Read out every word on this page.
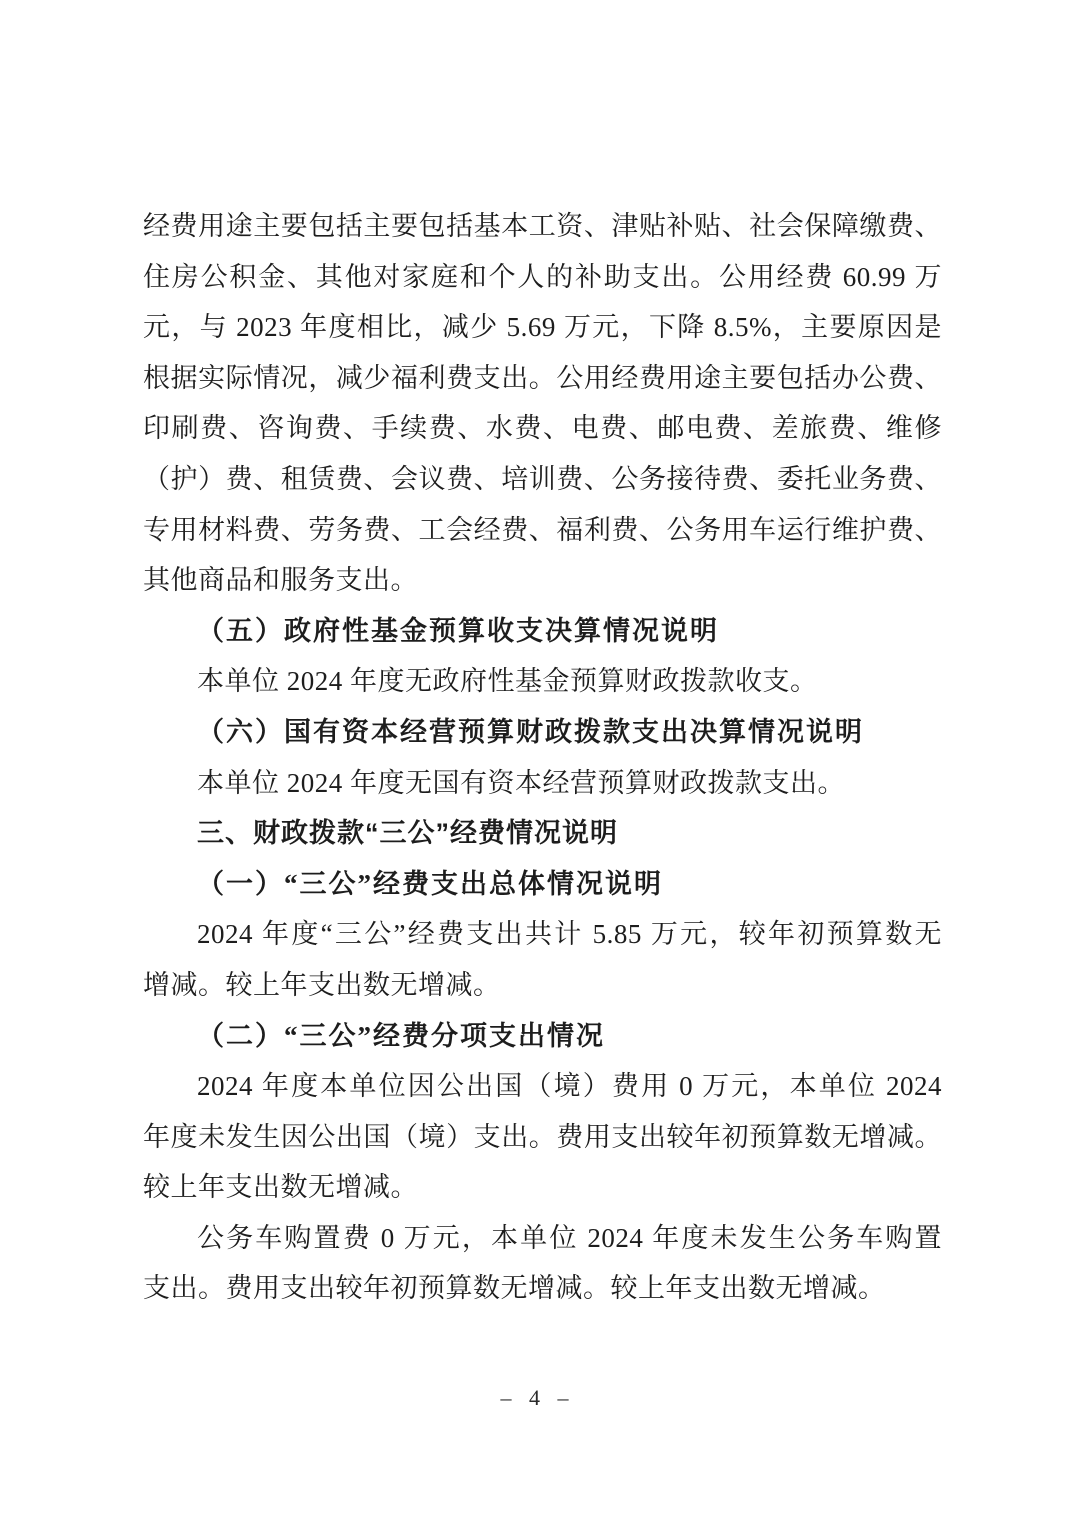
经费用途主要包括主要包括基本工资、津贴补贴、社会保障缴费、
住房公积金、其他对家庭和个人的补助支出。公用经费 60.99 万
元，与 2023 年度相比，减少 5.69 万元，下降 8.5%，主要原因是
根据实际情况，减少福利费支出。公用经费用途主要包括办公费、
印刷费、咨询费、手续费、水费、电费、邮电费、差旅费、维修
（护）费、租赁费、会议费、培训费、公务接待费、委托业务费、
专用材料费、劳务费、工会经费、福利费、公务用车运行维护费、
其他商品和服务支出。
（五）政府性基金预算收支决算情况说明
本单位 2024 年度无政府性基金预算财政拨款收支。
（六）国有资本经营预算财政拨款支出决算情况说明
本单位 2024 年度无国有资本经营预算财政拨款支出。
三、财政拨款“三公”经费情况说明
（一）“三公”经费支出总体情况说明
2024 年度“三公”经费支出共计 5.85 万元，较年初预算数无
增减。较上年支出数无增减。
（二）“三公”经费分项支出情况
2024 年度本单位因公出国（境）费用 0 万元，本单位 2024
年度未发生因公出国（境）支出。费用支出较年初预算数无增减。
较上年支出数无增减。
公务车购置费 0 万元，本单位 2024 年度未发生公务车购置
支出。费用支出较年初预算数无增减。较上年支出数无增减。
– 4 –
